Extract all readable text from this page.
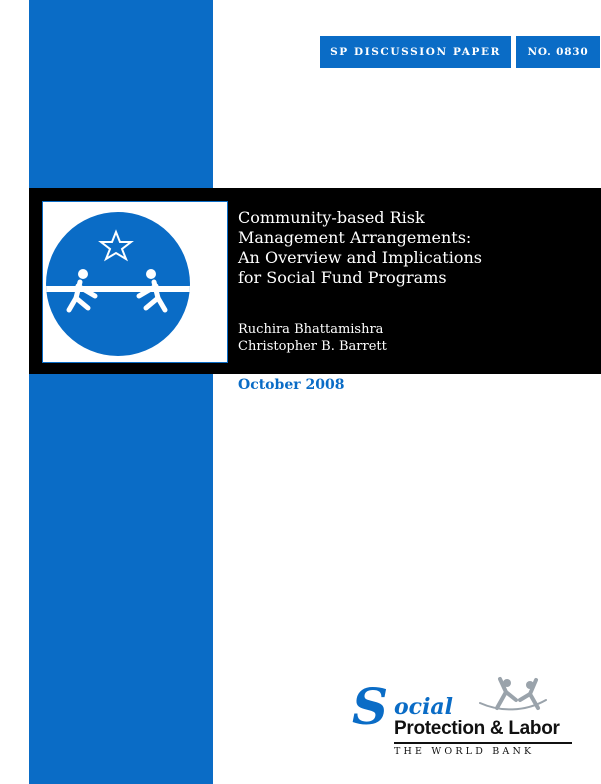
SP DISCUSSION PAPER	NO. 0830
Community-based Risk
Management Arrangements:
An Overview and Implications
for Social Fund Programs
Ruchira Bhattamishra
Christopher B. Barrett
October 2008
S ocial
Protection & Labor
THE WORLD BANK
